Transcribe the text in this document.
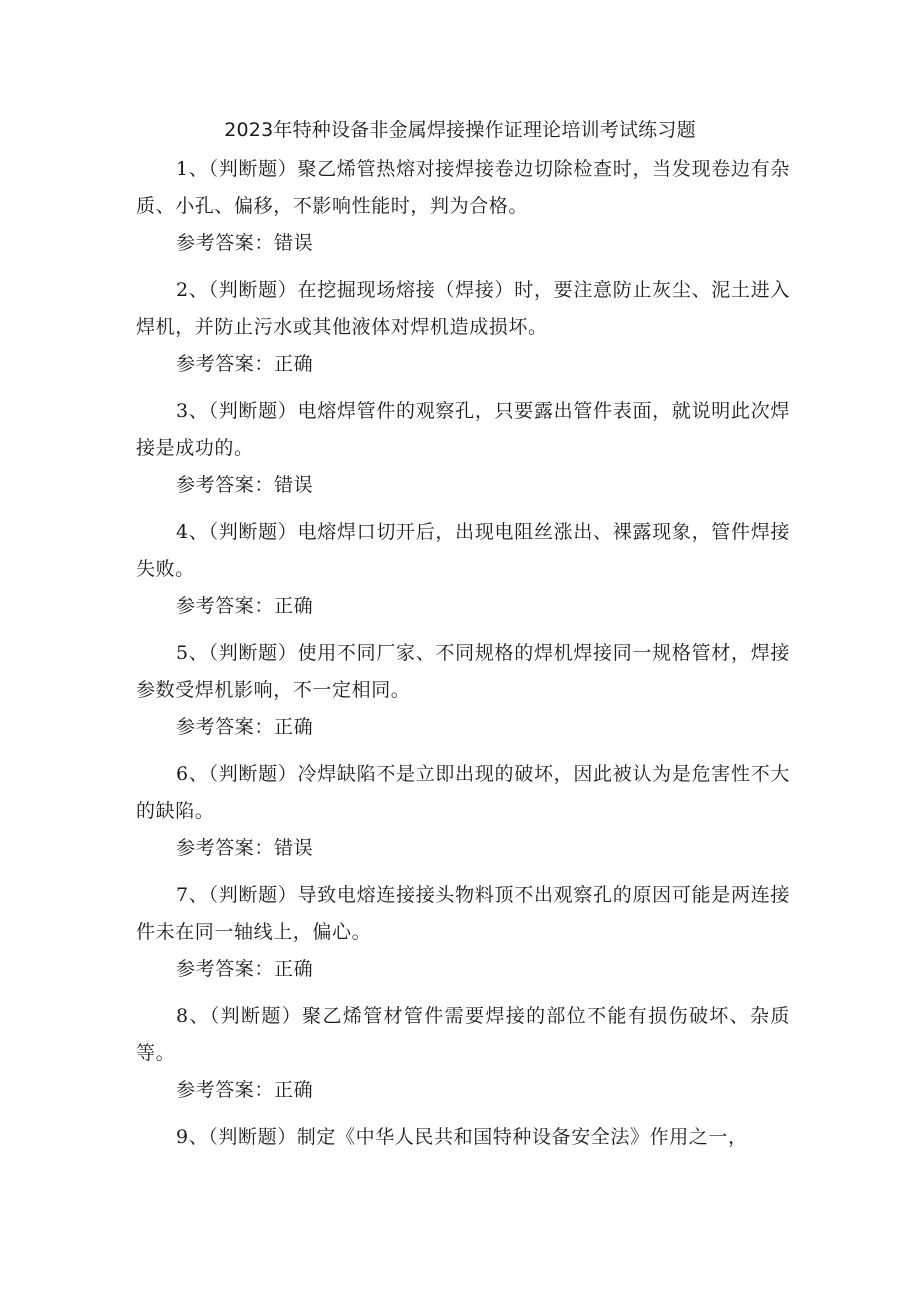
2023年特种设备非金属焊接操作证理论培训考试练习题

1、（判断题）聚乙烯管热熔对接焊接卷边切除检查时，当发现卷边有杂质、小孔、偏移，不影响性能时，判为合格。

参考答案：错误

2、（判断题）在挖掘现场熔接（焊接）时，要注意防止灰尘、泥土进入焊机，并防止污水或其他液体对焊机造成损坏。

参考答案：正确

3、（判断题）电熔焊管件的观察孔，只要露出管件表面，就说明此次焊接是成功的。

参考答案：错误

4、（判断题）电熔焊口切开后，出现电阻丝涨出、裸露现象，管件焊接失败。

参考答案：正确

5、（判断题）使用不同厂家、不同规格的焊机焊接同一规格管材，焊接参数受焊机影响，不一定相同。

参考答案：正确

6、（判断题）冷焊缺陷不是立即出现的破坏，因此被认为是危害性不大的缺陷。

参考答案：错误

7、（判断题）导致电熔连接接头物料顶不出观察孔的原因可能是两连接件未在同一轴线上，偏心。

参考答案：正确

8、（判断题）聚乙烯管材管件需要焊接的部位不能有损伤破坏、杂质等。

参考答案：正确

9、（判断题）制定《中华人民共和国特种设备安全法》作用之一，
